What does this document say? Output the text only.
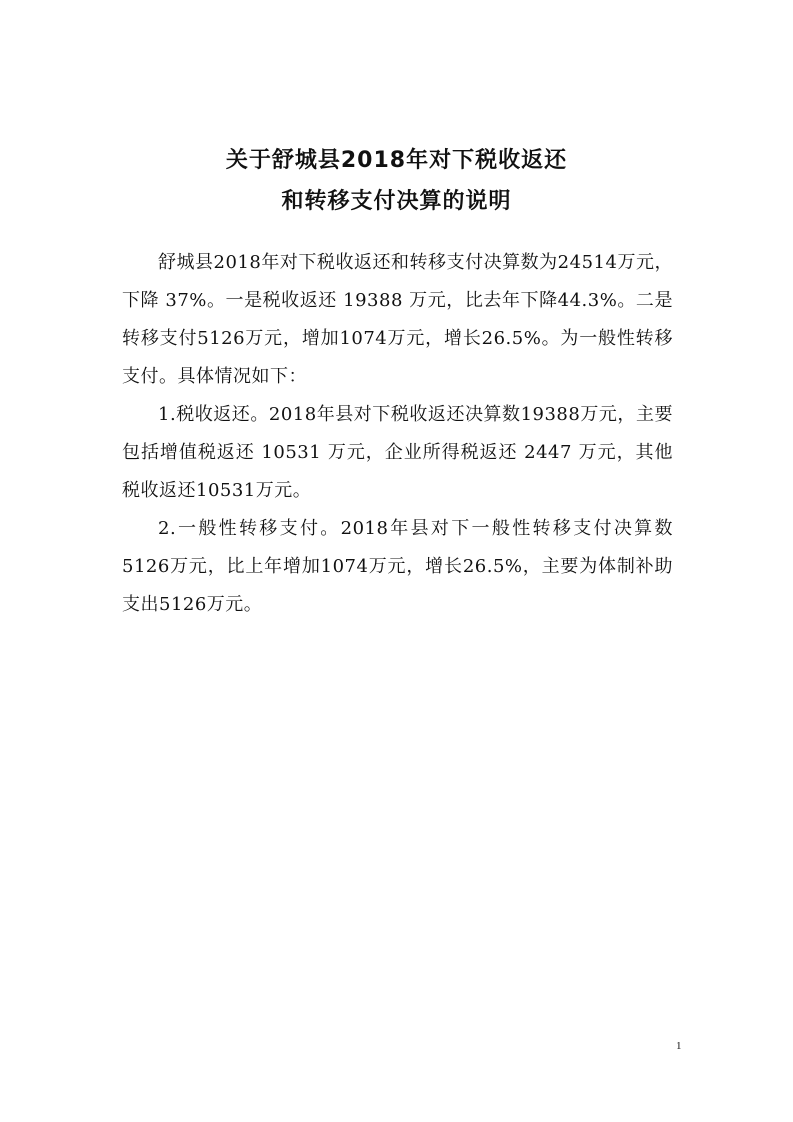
关于舒城县2018年对下税收返还
和转移支付决算的说明

舒城县2018年对下税收返还和转移支付决算数为24514万元，下降 37%。一是税收返还 19388 万元，比去年下降44.3%。二是转移支付5126万元，增加1074万元，增长26.5%。为一般性转移支付。具体情况如下：

1.税收返还。2018年县对下税收返还决算数19388万元，主要包括增值税返还 10531 万元，企业所得税返还 2447 万元，其他税收返还10531万元。

2.一般性转移支付。2018年县对下一般性转移支付决算数 5126万元，比上年增加1074万元，增长26.5%，主要为体制补助支出5126万元。

1
